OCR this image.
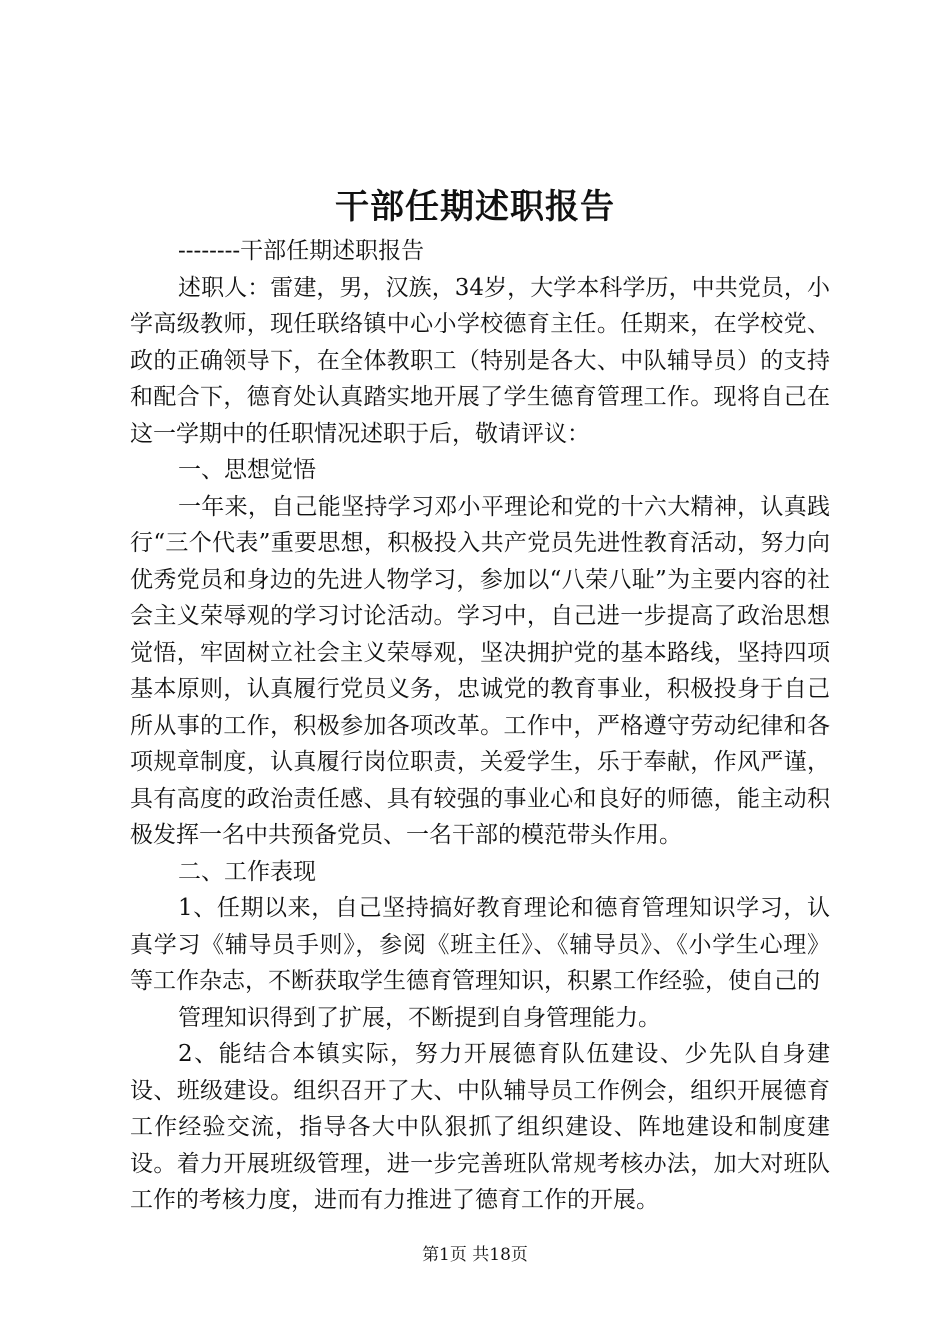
干部任期述职报告

--------干部任期述职报告

述职人：雷建，男，汉族，34岁，大学本科学历，中共党员，小学高级教师，现任联络镇中心小学校德育主任。任期来，在学校党、政的正确领导下，在全体教职工（特别是各大、中队辅导员）的支持和配合下，德育处认真踏实地开展了学生德育管理工作。现将自己在这一学期中的任职情况述职于后，敬请评议：

一、思想觉悟

一年来，自己能坚持学习邓小平理论和党的十六大精神，认真践行“三个代表”重要思想，积极投入共产党员先进性教育活动，努力向优秀党员和身边的先进人物学习，参加以“八荣八耻”为主要内容的社会主义荣辱观的学习讨论活动。学习中，自己进一步提高了政治思想觉悟，牢固树立社会主义荣辱观，坚决拥护党的基本路线，坚持四项基本原则，认真履行党员义务，忠诚党的教育事业，积极投身于自己所从事的工作，积极参加各项改革。工作中，严格遵守劳动纪律和各项规章制度，认真履行岗位职责，关爱学生，乐于奉献，作风严谨，具有高度的政治责任感、具有较强的事业心和良好的师德，能主动积极发挥一名中共预备党员、一名干部的模范带头作用。

二、工作表现

1、任期以来，自己坚持搞好教育理论和德育管理知识学习，认真学习《辅导员手则》，参阅《班主任》、《辅导员》、《小学生心理》等工作杂志，不断获取学生德育管理知识，积累工作经验，使自己的

管理知识得到了扩展，不断提到自身管理能力。

2、能结合本镇实际，努力开展德育队伍建设、少先队自身建设、班级建设。组织召开了大、中队辅导员工作例会，组织开展德育工作经验交流，指导各大中队狠抓了组织建设、阵地建设和制度建设。着力开展班级管理，进一步完善班队常规考核办法，加大对班队工作的考核力度，进而有力推进了德育工作的开展。

第1页 共18页
